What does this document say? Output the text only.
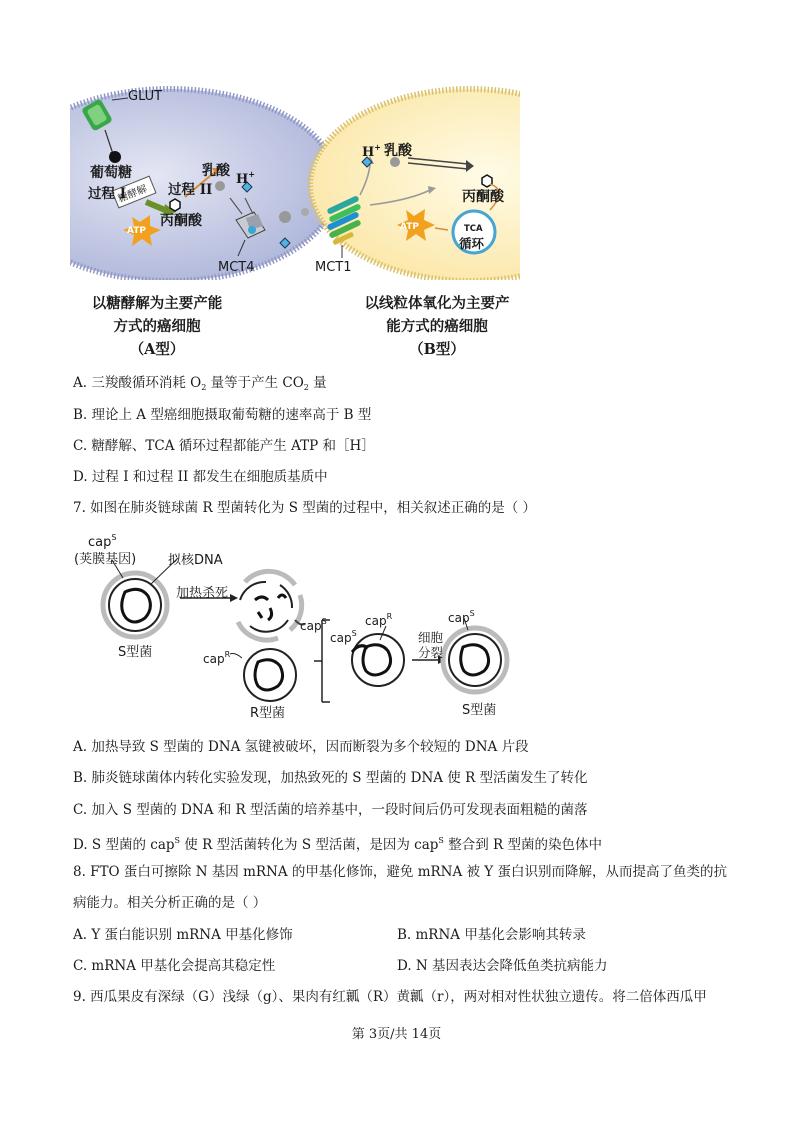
GLUT
葡萄糖
过程 I
糖酵解
ATP
丙酮酸
过程 II
乳酸
H+
MCT4	MCT1
H+ 乳酸
丙酮酸
ATP	TCA
循环
以糖酵解为主要产能
方式的癌细胞
（A型）
以线粒体氧化为主要产
能方式的癌细胞
（B型）
A. 三羧酸循环消耗 $O_2$ 量等于产生 $CO_2$ 量
B. 理论上 A 型癌细胞摄取葡萄糖的速率高于 B 型
C. 糖酵解、TCA 循环过程都能产生 ATP 和［H］
D. 过程 I 和过程 II 都发生在细胞质基质中
7. 如图在肺炎链球菌 R 型菌转化为 S 型菌的过程中，相关叙述正确的是（ ）
cap$^S$
(荚膜基因) 拟核DNA
加热杀死
cap$^S$
S型菌	cap$^R$
R型菌
cap$^S$
cap$^R$
细胞
分裂
cap$^S$
S型菌
A. 加热导致 S 型菌的 DNA 氢键被破坏，因而断裂为多个较短的 DNA 片段
B. 肺炎链球菌体内转化实验发现，加热致死的 S 型菌的 DNA 使 R 型活菌发生了转化
C. 加入 S 型菌的 DNA 和 R 型活菌的培养基中，一段时间后仍可发现表面粗糙的菌落
D. S 型菌的 cap$^S$ 使 R 型活菌转化为 S 型活菌，是因为 cap$^S$ 整合到 R 型菌的染色体中
8. FTO 蛋白可擦除 N 基因 mRNA 的甲基化修饰，避免 mRNA 被 Y 蛋白识别而降解，从而提高了鱼类的抗
病能力。相关分析正确的是（ ）
A. Y 蛋白能识别 mRNA 甲基化修饰	B. mRNA 甲基化会影响其转录
C. mRNA 甲基化会提高其稳定性	D. N 基因表达会降低鱼类抗病能力
9. 西瓜果皮有深绿（G）浅绿（g）、果肉有红瓤（R）黄瓤（r），两对相对性状独立遗传。将二倍体西瓜甲
第 3页/共 14页
